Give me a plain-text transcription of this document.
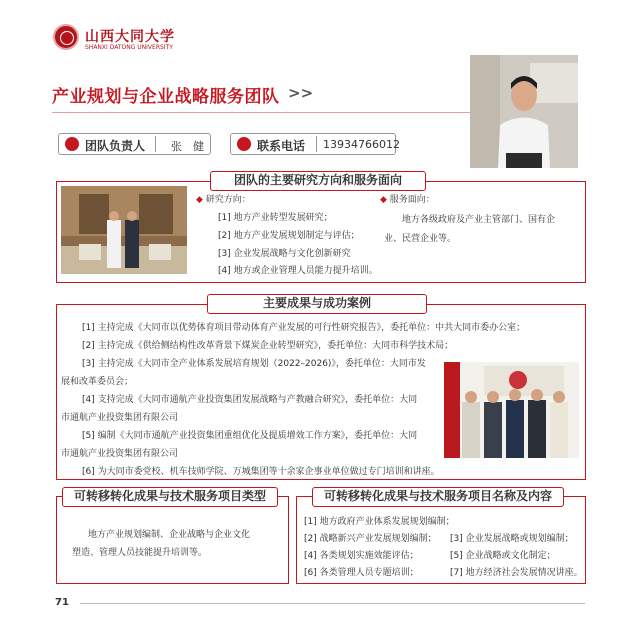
山西大同大学
SHANXI DATONG UNIVERSITY
产业规划与企业战略服务团队 >>
团队负责人 张　健	联系电话 13934766012
团队的主要研究方向和服务面向
◆ 研究方向：
[1] 地方产业转型发展研究；
[2] 地方产业发展规划制定与评估；
[3] 企业发展战略与文化创新研究
[4] 地方或企业管理人员能力提升培训。
◆ 服务面向：
地方各级政府及产业主管部门、国有企
业、民营企业等。
主要成果与成功案例
[1] 主持完成《大同市以优势体育项目带动体育产业发展的可行性研究报告》，委托单位：中共大同市委办公室；
[2] 主持完成《供给侧结构性改革背景下煤炭企业转型研究》，委托单位：大同市科学技术局；
[3] 主持完成《大同市全产业体系发展培育规划（2022–2026)》，委托单位：大同市发
展和改革委员会；
[4] 支持完成《大同市通航产业投资集团发展战略与产教融合研究》，委托单位：大同
市通航产业投资集团有限公司
[5] 编制《大同市通航产业投资集团重组优化及提质增效工作方案》，委托单位：大同
市通航产业投资集团有限公司
[6] 为大同市委党校、机车技师学院、万城集团等十余家企事业单位做过专门培训和讲座。
可转移转化成果与技术服务项目类型
地方产业规划编制、企业战略与企业文化
塑造、管理人员技能提升培训等。
可转移转化成果与技术服务项目名称及内容
[1] 地方政府产业体系发展规划编制；
[2] 战略新兴产业发展规划编制； [3] 企业发展战略或规划编制；
[4] 各类规划实施效能评估；	[5] 企业战略或文化制定；
[6] 各类管理人员专题培训；	[7] 地方经济社会发展情况讲座。
71
